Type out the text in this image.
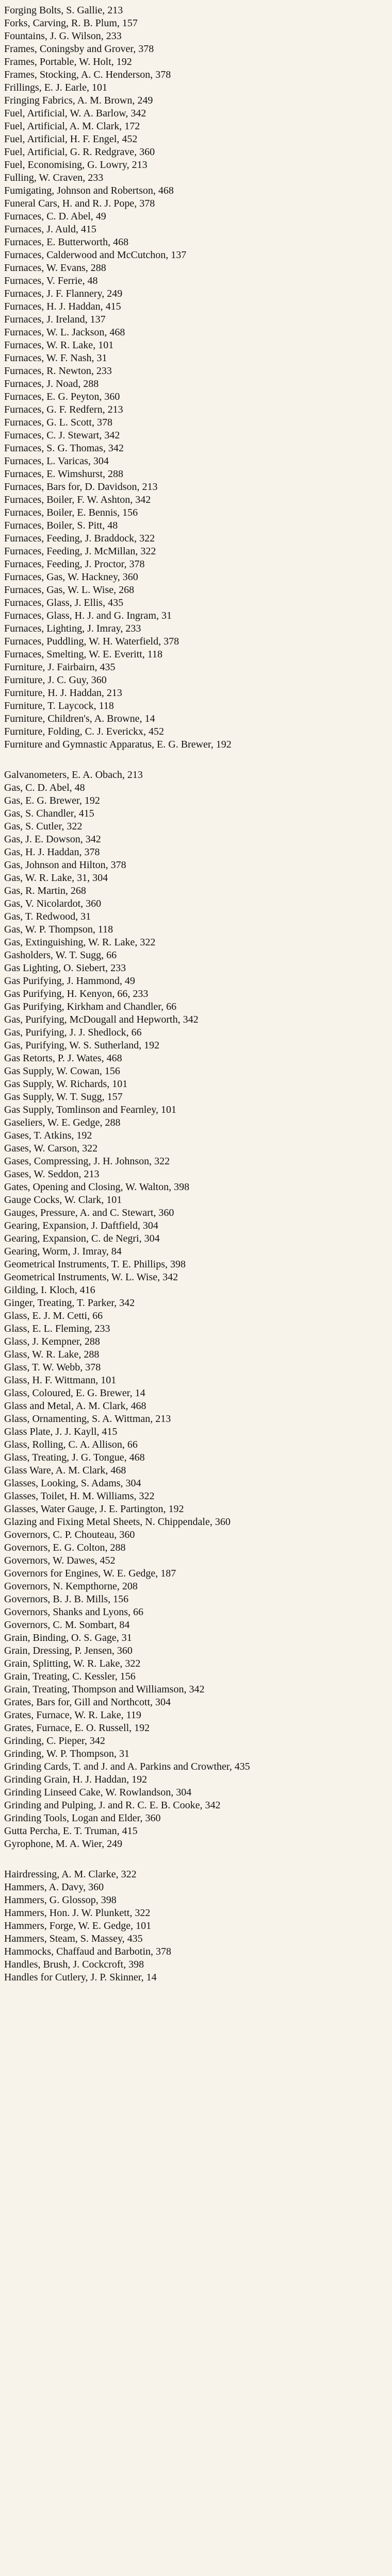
Forging Bolts, S. Gallie, 213
Forks, Carving, R. B. Plum, 157
Fountains, J. G. Wilson, 233
Frames, Coningsby and Grover, 378
Frames, Portable, W. Holt, 192
Frames, Stocking, A. C. Henderson, 378
Frillings, E. J. Earle, 101
Fringing Fabrics, A. M. Brown, 249
Fuel, Artificial, W. A. Barlow, 342
Fuel, Artificial, A. M. Clark, 172
Fuel, Artificial, H. F. Engel, 452
Fuel, Artificial, G. R. Redgrave, 360
Fuel, Economising, G. Lowry, 213
Fulling, W. Craven, 233
Fumigating, Johnson and Robertson, 468
Funeral Cars, H. and R. J. Pope, 378
Furnaces, C. D. Abel, 49
Furnaces, J. Auld, 415
Furnaces, E. Butterworth, 468
Furnaces, Calderwood and McCutchon, 137
Furnaces, W. Evans, 288
Furnaces, V. Ferrie, 48
Furnaces, J. F. Flannery, 249
Furnaces, H. J. Haddan, 415
Furnaces, J. Ireland, 137
Furnaces, W. L. Jackson, 468
Furnaces, W. R. Lake, 101
Furnaces, W. F. Nash, 31
Furnaces, R. Newton, 233
Furnaces, J. Noad, 288
Furnaces, E. G. Peyton, 360
Furnaces, G. F. Redfern, 213
Furnaces, G. L. Scott, 378
Furnaces, C. J. Stewart, 342
Furnaces, S. G. Thomas, 342
Furnaces, L. Varicas, 304
Furnaces, E. Wimshurst, 288
Furnaces, Bars for, D. Davidson, 213
Furnaces, Boiler, F. W. Ashton, 342
Furnaces, Boiler, E. Bennis, 156
Furnaces, Boiler, S. Pitt, 48
Furnaces, Feeding, J. Braddock, 322
Furnaces, Feeding, J. McMillan, 322
Furnaces, Feeding, J. Proctor, 378
Furnaces, Gas, W. Hackney, 360
Furnaces, Gas, W. L. Wise, 268
Furnaces, Glass, J. Ellis, 435
Furnaces, Glass, H. J. and G. Ingram, 31
Furnaces, Lighting, J. Imray, 233
Furnaces, Puddling, W. H. Waterfield, 378
Furnaces, Smelting, W. E. Everitt, 118
Furniture, J. Fairbairn, 435
Furniture, J. C. Guy, 360
Furniture, H. J. Haddan, 213
Furniture, T. Laycock, 118
Furniture, Children's, A. Browne, 14
Furniture, Folding, C. J. Everickx, 452
Furniture and Gymnastic Apparatus, E. G. Brewer, 192
Galvanometers, E. A. Obach, 213
Gas, C. D. Abel, 48
Gas, E. G. Brewer, 192
Gas, S. Chandler, 415
Gas, S. Cutler, 322
Gas, J. E. Dowson, 342
Gas, H. J. Haddan, 378
Gas, Johnson and Hilton, 378
Gas, W. R. Lake, 31, 304
Gas, R. Martin, 268
Gas, V. Nicolardot, 360
Gas, T. Redwood, 31
Gas, W. P. Thompson, 118
Gas, Extinguishing, W. R. Lake, 322
Gasholders, W. T. Sugg, 66
Gas Lighting, O. Siebert, 233
Gas Purifying, J. Hammond, 49
Gas Purifying, H. Kenyon, 66, 233
Gas Purifying, Kirkham and Chandler, 66
Gas, Purifying, McDougall and Hepworth, 342
Gas, Purifying, J. J. Shedlock, 66
Gas, Purifying, W. S. Sutherland, 192
Gas Retorts, P. J. Wates, 468
Gas Supply, W. Cowan, 156
Gas Supply, W. Richards, 101
Gas Supply, W. T. Sugg, 157
Gas Supply, Tomlinson and Fearnley, 101
Gaseliers, W. E. Gedge, 288
Gases, T. Atkins, 192
Gases, W. Carson, 322
Gases, Compressing, J. H. Johnson, 322
Gases, W. Seddon, 213
Gates, Opening and Closing, W. Walton, 398
Gauge Cocks, W. Clark, 101
Gauges, Pressure, A. and C. Stewart, 360
Gearing, Expansion, J. Daftfield, 304
Gearing, Expansion, C. de Negri, 304
Gearing, Worm, J. Imray, 84
Geometrical Instruments, T. E. Phillips, 398
Geometrical Instruments, W. L. Wise, 342
Gilding, I. Kloch, 416
Ginger, Treating, T. Parker, 342
Glass, E. J. M. Cetti, 66
Glass, E. L. Fleming, 233
Glass, J. Kempner, 288
Glass, W. R. Lake, 288
Glass, T. W. Webb, 378
Glass, H. F. Wittmann, 101
Glass, Coloured, E. G. Brewer, 14
Glass and Metal, A. M. Clark, 468
Glass, Ornamenting, S. A. Wittman, 213
Glass Plate, J. J. Kayll, 415
Glass, Rolling, C. A. Allison, 66
Glass, Treating, J. G. Tongue, 468
Glass Ware, A. M. Clark, 468
Glasses, Looking, S. Adams, 304
Glasses, Toilet, H. M. Williams, 322
Glasses, Water Gauge, J. E. Partington, 192
Glazing and Fixing Metal Sheets, N. Chippendale, 360
Governors, C. P. Chouteau, 360
Governors, E. G. Colton, 288
Governors, W. Dawes, 452
Governors for Engines, W. E. Gedge, 187
Governors, N. Kempthorne, 208
Governors, B. J. B. Mills, 156
Governors, Shanks and Lyons, 66
Governors, C. M. Sombart, 84
Grain, Binding, O. S. Gage, 31
Grain, Dressing, P. Jensen, 360
Grain, Splitting, W. R. Lake, 322
Grain, Treating, C. Kessler, 156
Grain, Treating, Thompson and Williamson, 342
Grates, Bars for, Gill and Northcott, 304
Grates, Furnace, W. R. Lake, 119
Grates, Furnace, E. O. Russell, 192
Grinding, C. Pieper, 342
Grinding, W. P. Thompson, 31
Grinding Cards, T. and J. and A. Parkins and Crowther, 435
Grinding Grain, H. J. Haddan, 192
Grinding Linseed Cake, W. Rowlandson, 304
Grinding and Pulping, J. and R. C. E. B. Cooke, 342
Grinding Tools, Logan and Elder, 360
Gutta Percha, E. T. Truman, 415
Gyrophone, M. A. Wier, 249
Hairdressing, A. M. Clarke, 322
Hammers, A. Davy, 360
Hammers, G. Glossop, 398
Hammers, Hon. J. W. Plunkett, 322
Hammers, Forge, W. E. Gedge, 101
Hammers, Steam, S. Massey, 435
Hammocks, Chaffaud and Barbotin, 378
Handles, Brush, J. Cockcroft, 398
Handles for Cutlery, J. P. Skinner, 14
